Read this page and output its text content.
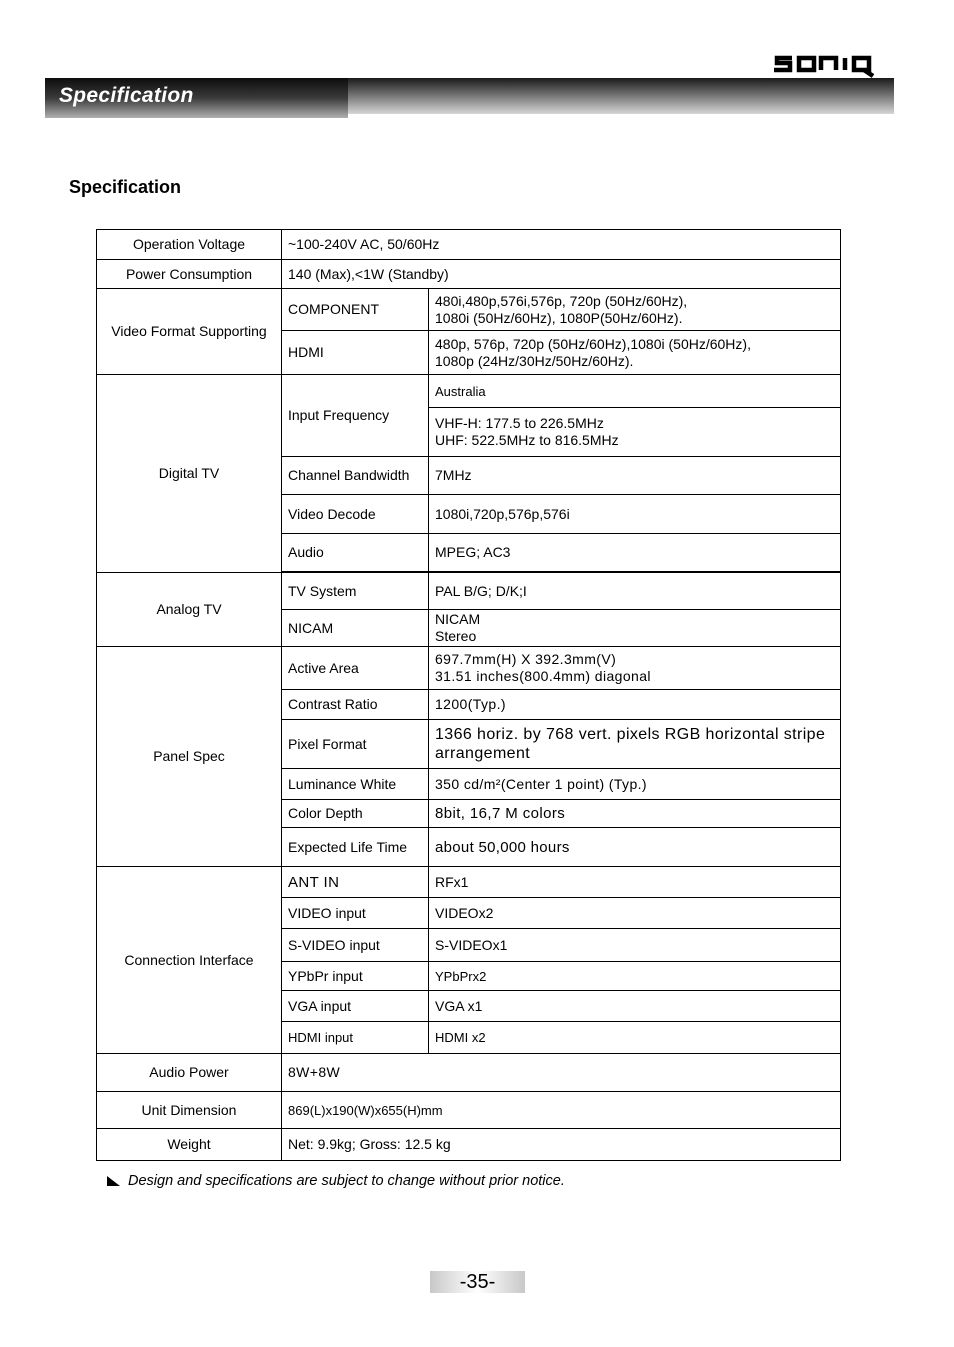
Specification
Specification
Operation Voltage	~100-240V AC, 50/60Hz	
Power Consumption	140 (Max),<1W (Standby)	
Video Format Supporting	COMPONENT	480i,480p,576i,576p, 720p (50Hz/60Hz),
1080i (50Hz/60Hz), 1080P(50Hz/60Hz).
	HDMI	480p, 576p, 720p (50Hz/60Hz),1080i (50Hz/60Hz),
1080p (24Hz/30Hz/50Hz/60Hz).
Digital TV	Input Frequency	Australia
		VHF-H: 177.5 to 226.5MHz
UHF: 522.5MHz to 816.5MHz
	Channel Bandwidth	7MHz
	Video Decode	1080i,720p,576p,576i
	Audio	MPEG; AC3

Analog TV	TV System	PAL B/G; D/K;I
	NICAM	NICAM
Stereo
Panel Spec	Active Area	697.7mm(H) X 392.3mm(V)
31.51 inches(800.4mm) diagonal
	Contrast Ratio	1200(Typ.)
	Pixel Format	1366 horiz. by 768 vert. pixels RGB horizontal stripe arrangement
	Luminance White	350 cd/m²(Center 1 point) (Typ.)
	Color Depth	8bit, 16,7 M colors
	Expected Life Time	about 50,000 hours
Connection Interface	ANT IN	RFx1
	VIDEO input	VIDEOx2
	S-VIDEO input	S-VIDEOx1
	YPbPr input	YPbPrx2
	VGA input	VGA x1
	HDMI input	HDMI x2
Audio Power	8W+8W	
Unit Dimension	869(L)x190(W)x655(H)mm	
Weight	Net: 9.9kg; Gross: 12.5 kg	
Design and specifications are subject to change without prior notice.
-35-
